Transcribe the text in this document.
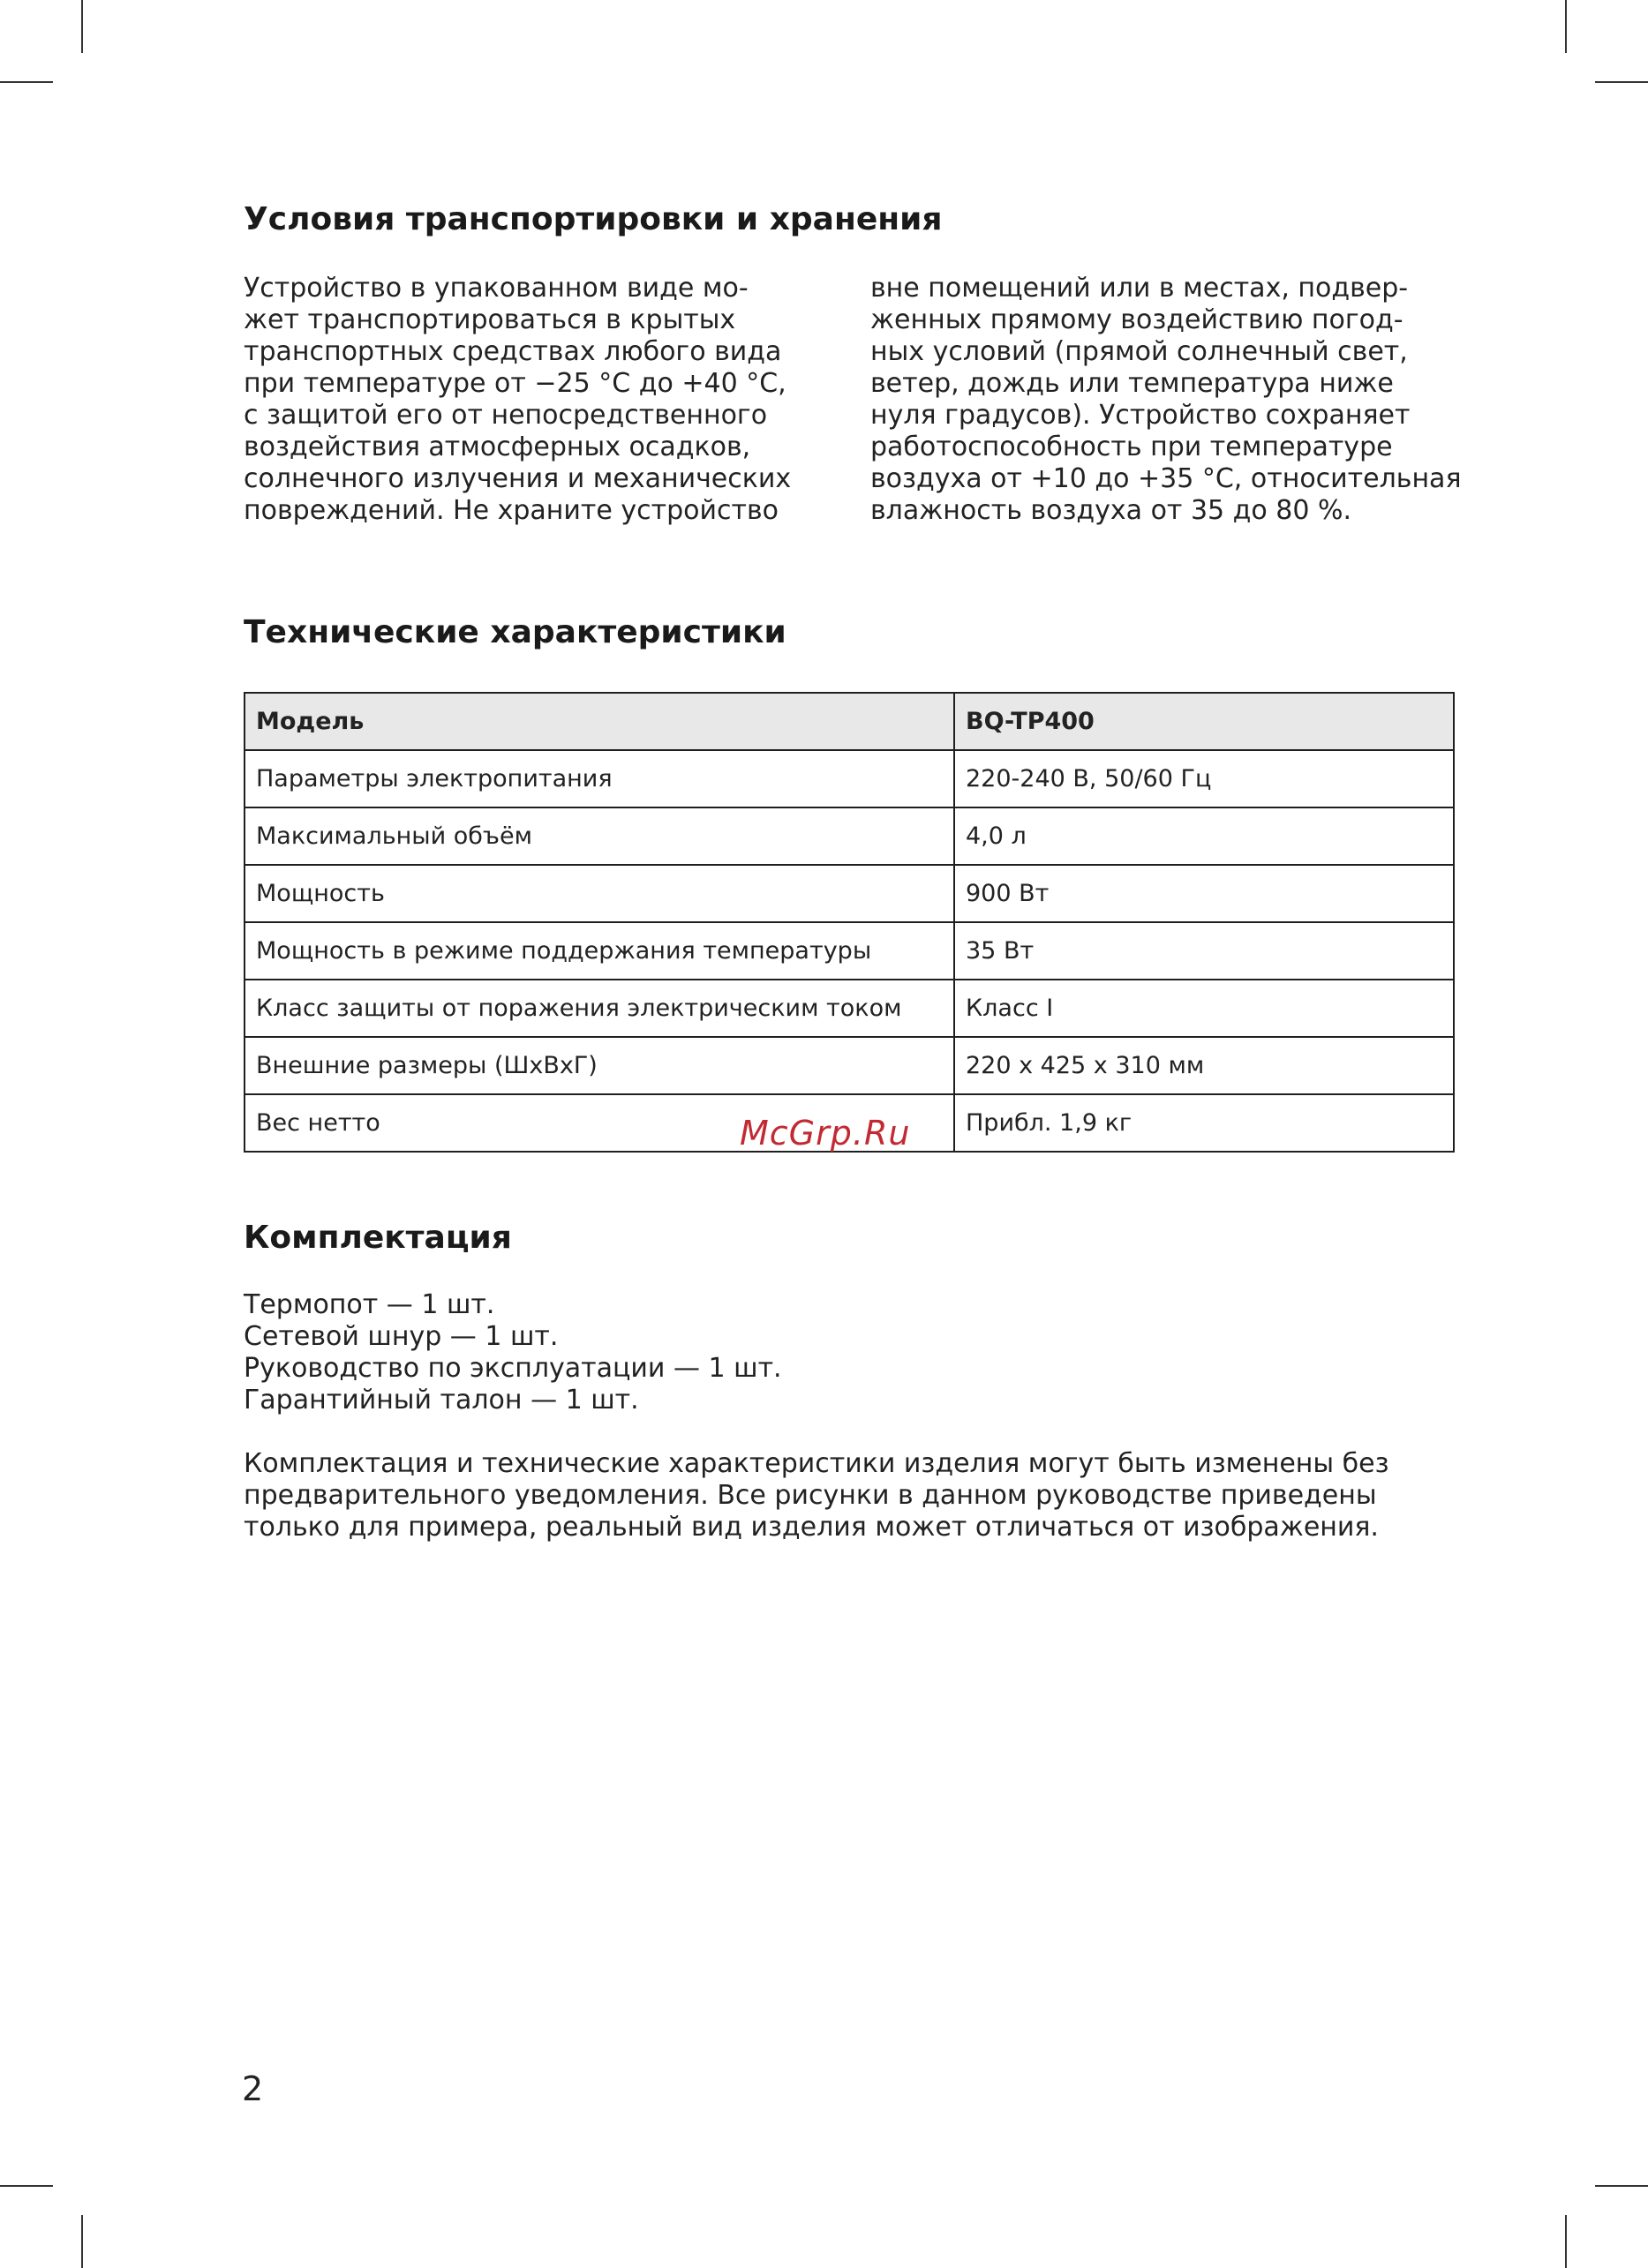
Условия транспортировки и хранения

Устройство в упакованном виде мо-
жет транспортироваться в крытых
транспортных средствах любого вида
при температуре от −25 °С до +40 °С,
с защитой его от непосредственного
воздействия атмосферных осадков,
солнечного излучения и механических
повреждений. Не храните устройство

вне помещений или в местах, подвер-
женных прямому воздействию погод-
ных условий (прямой солнечный свет,
ветер, дождь или температура ниже
нуля градусов). Устройство сохраняет
работоспособность при температуре
воздуха от +10 до +35 °С, относительная
влажность воздуха от 35 до 80 %.

Технические характеристики
Модель	BQ-TP400
Параметры электропитания	220-240 В, 50/60 Гц
Максимальный объём	4,0 л
Мощность	900 Вт
Мощность в режиме поддержания температуры	35 Вт
Класс защиты от поражения электрическим током	Класс I
Внешние размеры (ШхВхГ)	220 x 425 x 310 мм
Вес нетто	Прибл. 1,9 кг
McGrp.Ru
Комплектация

Термопот — 1 шт.
Сетевой шнур — 1 шт.
Руководство по эксплуатации — 1 шт.
Гарантийный талон — 1 шт.

Комплектация и технические характеристики изделия могут быть изменены без
предварительного уведомления. Все рисунки в данном руководстве приведены
только для примера, реальный вид изделия может отличаться от изображения.

2
